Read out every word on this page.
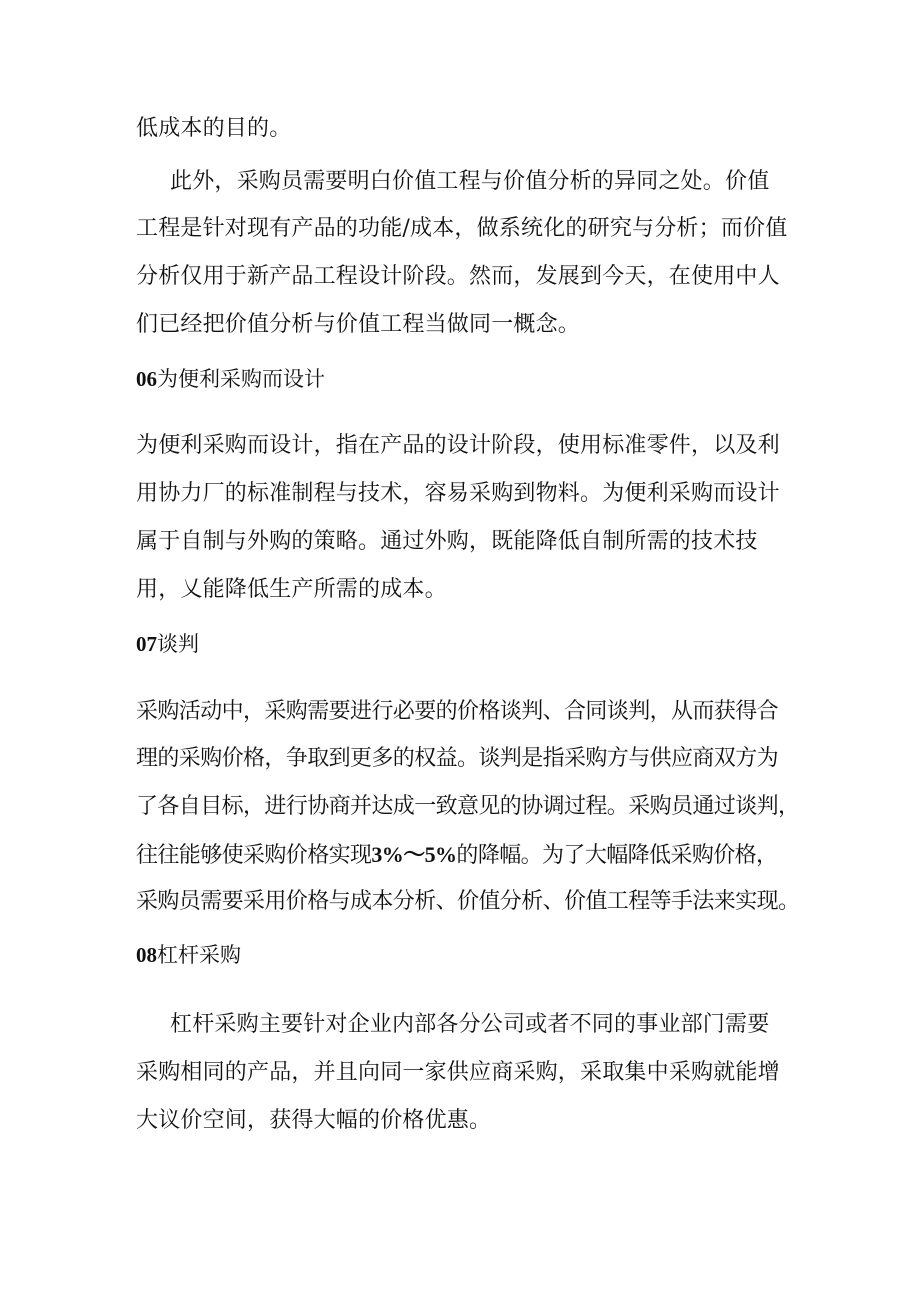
低成本的目的。
此外，采购员需要明白价值工程与价值分析的异同之处。价值
工程是针对现有产品的功能/成本，做系统化的研究与分析；而价值
分析仅用于新产品工程设计阶段。然而，发展到今天，在使用中人
们已经把价值分析与价值工程当做同一概念。
06为便利采购而设计
为便利采购而设计，指在产品的设计阶段，使用标准零件，以及利
用协力厂的标准制程与技术，容易采购到物料。为便利采购而设计
属于自制与外购的策略。通过外购，既能降低自制所需的技术技
用，乂能降低生产所需的成本。
07谈判
采购活动中，采购需要进行必要的价格谈判、合同谈判，从而获得合
理的采购价格，争取到更多的权益。谈判是指采购方与供应商双方为
了各自目标，进行协商并达成一致意见的协调过程。采购员通过谈判，
往往能够使采购价格实现3%～5%的降幅。为了大幅降低采购价格，
采购员需要采用价格与成本分析、价值分析、价值工程等手法来实现。
08杠杆采购
杠杆采购主要针对企业内部各分公司或者不同的事业部门需要
采购相同的产品，并且向同一家供应商采购，采取集中采购就能增
大议价空间，获得大幅的价格优惠。
